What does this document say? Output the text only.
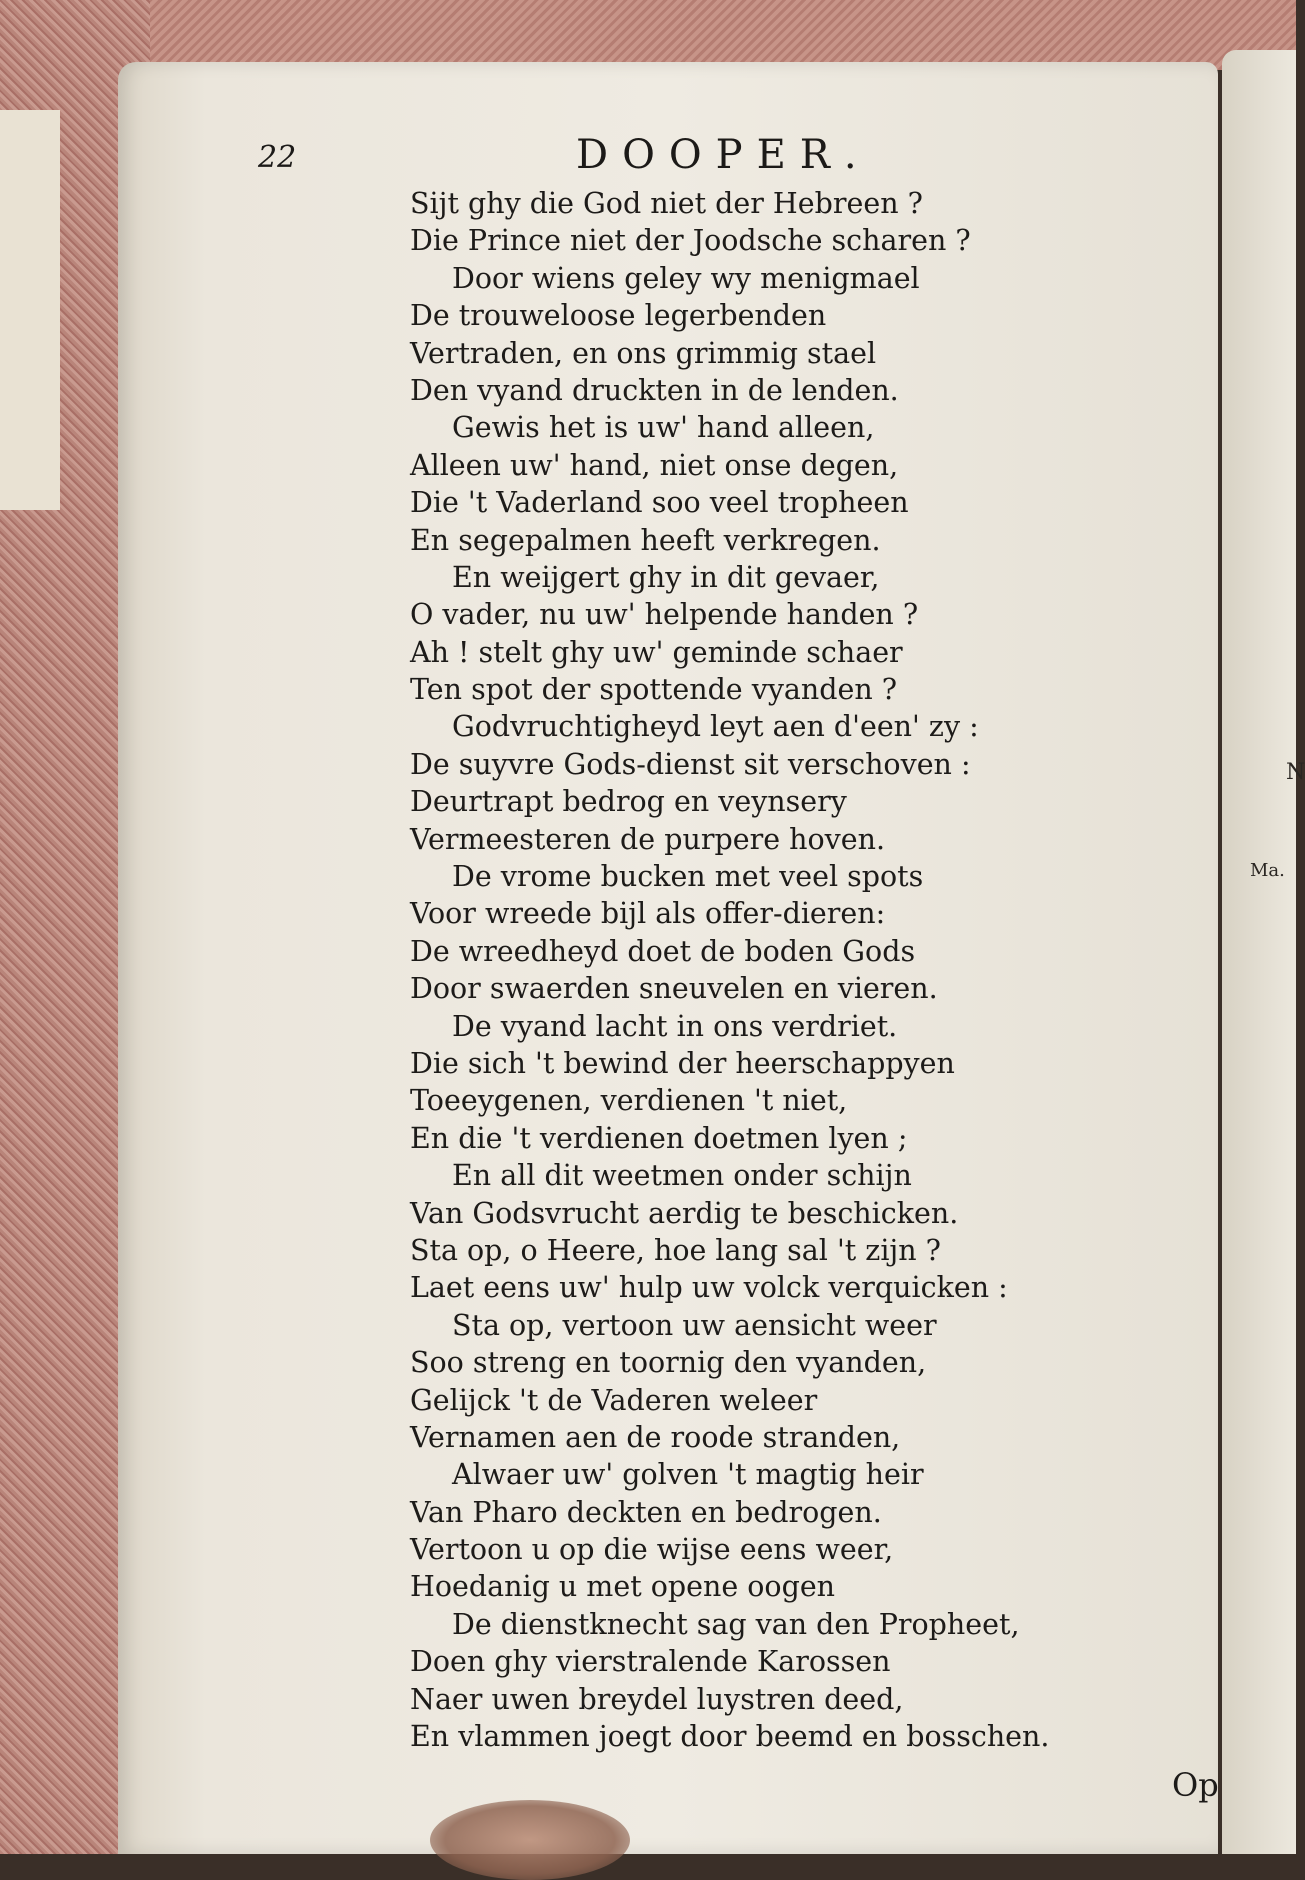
N
Ma.
22	DOOPER.
Sijt ghy die God niet der Hebreen ?
Die Prince niet der Joodsche scharen ?
Door wiens geley wy menigmael
De trouweloose legerbenden
Vertraden, en ons grimmig stael
Den vyand druckten in de lenden.
Gewis het is uw' hand alleen,
Alleen uw' hand, niet onse degen,
Die 't Vaderland soo veel tropheen
En segepalmen heeft verkregen.
En weijgert ghy in dit gevaer,
O vader, nu uw' helpende handen ?
Ah ! stelt ghy uw' geminde schaer
Ten spot der spottende vyanden ?
Godvruchtigheyd leyt aen d'een' zy :
De suyvre Gods-dienst sit verschoven :
Deurtrapt bedrog en veynsery
Vermeesteren de purpere hoven.
De vrome bucken met veel spots
Voor wreede bijl als offer-dieren:
De wreedheyd doet de boden Gods
Door swaerden sneuvelen en vieren.
De vyand lacht in ons verdriet.
Die sich 't bewind der heerschappyen
Toeeygenen, verdienen 't niet,
En die 't verdienen doetmen lyen ;
En all dit weetmen onder schijn
Van Godsvrucht aerdig te beschicken.
Sta op, o Heere, hoe lang sal 't zijn ?
Laet eens uw' hulp uw volck verquicken :
Sta op, vertoon uw aensicht weer
Soo streng en toornig den vyanden,
Gelijck 't de Vaderen weleer
Vernamen aen de roode stranden,
Alwaer uw' golven 't magtig heir
Van Pharo deckten en bedrogen.
Vertoon u op die wijse eens weer,
Hoedanig u met opene oogen
De dienstknecht sag van den Propheet,
Doen ghy vierstralende Karossen
Naer uwen breydel luystren deed,
En vlammen joegt door beemd en bosschen.
Op
